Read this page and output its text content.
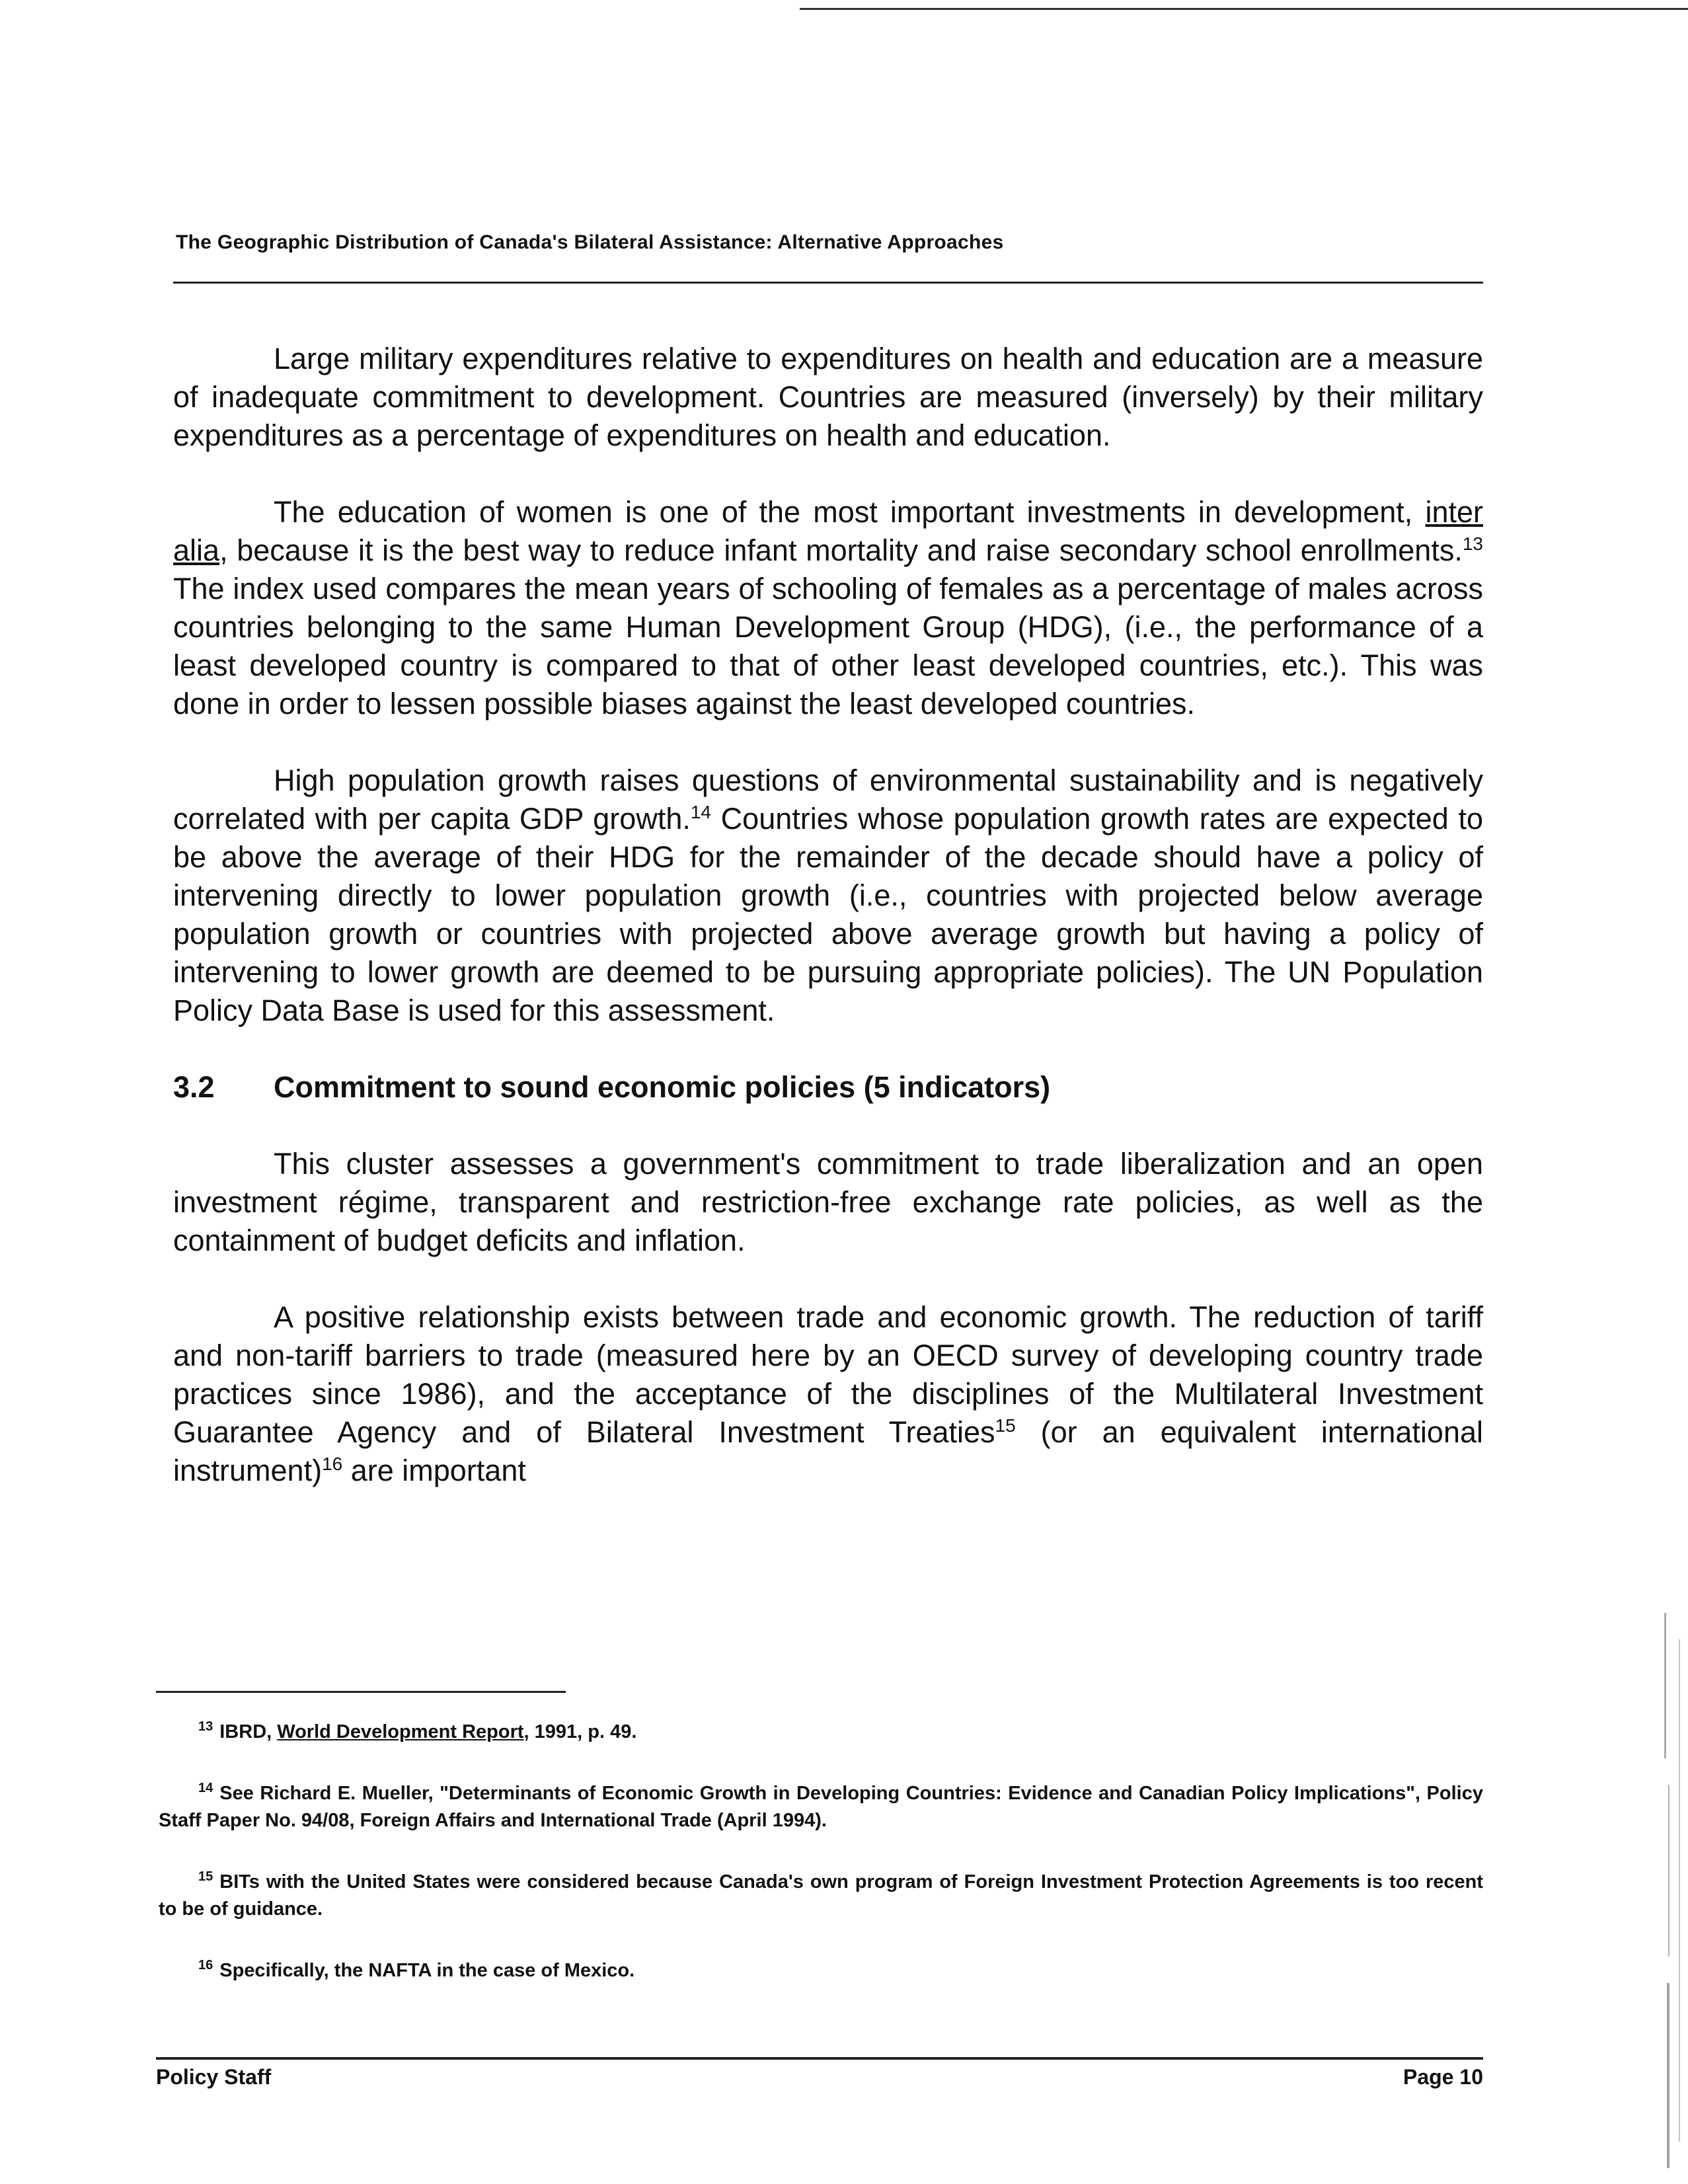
The Geographic Distribution of Canada's Bilateral Assistance: Alternative Approaches

Large military expenditures relative to expenditures on health and education are a measure of inadequate commitment to development. Countries are measured (inversely) by their military expenditures as a percentage of expenditures on health and education.

The education of women is one of the most important investments in development, inter alia, because it is the best way to reduce infant mortality and raise secondary school enrollments.$^{13}$ The index used compares the mean years of schooling of females as a percentage of males across countries belonging to the same Human Development Group (HDG), (i.e., the performance of a least developed country is compared to that of other least developed countries, etc.). This was done in order to lessen possible biases against the least developed countries.

High population growth raises questions of environmental sustainability and is negatively correlated with per capita GDP growth.$^{14}$ Countries whose population growth rates are expected to be above the average of their HDG for the remainder of the decade should have a policy of intervening directly to lower population growth (i.e., countries with projected below average population growth or countries with projected above average growth but having a policy of intervening to lower growth are deemed to be pursuing appropriate policies). The UN Population Policy Data Base is used for this assessment.

3.2 Commitment to sound economic policies (5 indicators)

This cluster assesses a government's commitment to trade liberalization and an open investment régime, transparent and restriction-free exchange rate policies, as well as the containment of budget deficits and inflation.

A positive relationship exists between trade and economic growth. The reduction of tariff and non-tariff barriers to trade (measured here by an OECD survey of developing country trade practices since 1986), and the acceptance of the disciplines of the Multilateral Investment Guarantee Agency and of Bilateral Investment Treaties$^{15}$ (or an equivalent international instrument)$^{16}$ are important

$^{13}$ IBRD, World Development Report, 1991, p. 49.
$^{14}$ See Richard E. Mueller, "Determinants of Economic Growth in Developing Countries: Evidence and Canadian Policy Implications", Policy Staff Paper No. 94/08, Foreign Affairs and International Trade (April 1994).
$^{15}$ BITs with the United States were considered because Canada's own program of Foreign Investment Protection Agreements is too recent to be of guidance.
$^{16}$ Specifically, the NAFTA in the case of Mexico.
Policy Staff	Page 10
